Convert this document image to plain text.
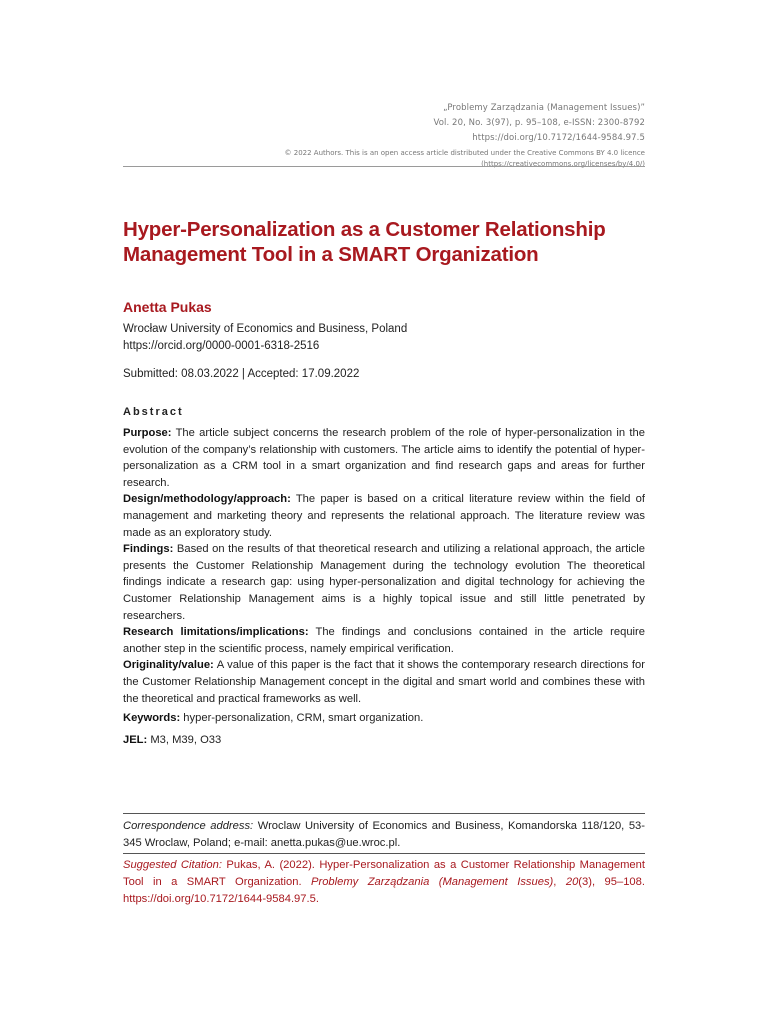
„Problemy Zarządzania (Management Issues)”
Vol. 20, No. 3(97), p. 95–108, e-ISSN: 2300-8792
https://doi.org/10.7172/1644-9584.97.5
© 2022 Authors. This is an open access article distributed under the Creative Commons BY 4.0 licence
(https://creativecommons.org/licenses/by/4.0/)
Hyper-Personalization as a Customer Relationship
Management Tool in a SMART Organization
Anetta Pukas
Wrocław University of Economics and Business, Poland
https://orcid.org/0000-0001-6318-2516
Submitted: 08.03.2022 | Accepted: 17.09.2022
Abstract

Purpose: The article subject concerns the research problem of the role of hyper-personalization in the evolution of the company’s relationship with customers. The article aims to identify the potential of hyper-personalization as a CRM tool in a smart organization and find research gaps and areas for further research.

Design/methodology/approach: The paper is based on a critical literature review within the field of management and marketing theory and represents the relational approach. The literature review was made as an exploratory study.

Findings: Based on the results of that theoretical research and utilizing a relational approach, the article presents the Customer Relationship Management during the technology evolution The theoretical findings indicate a research gap: using hyper-personalization and digital technology for achieving the Customer Relationship Management aims is a highly topical issue and still little penetrated by researchers.

Research limitations/implications: The findings and conclusions contained in the article require another step in the scientific process, namely empirical verification.

Originality/value: A value of this paper is the fact that it shows the contemporary research directions for the Customer Relationship Management concept in the digital and smart world and combines these with the theoretical and practical frameworks as well.

Keywords: hyper-personalization, CRM, smart organization.
JEL: M3, M39, O33
Correspondence address: Wroclaw University of Economics and Business, Komandorska 118/120, 53-345 Wroclaw, Poland; e-mail: anetta.pukas@ue.wroc.pl.
Suggested Citation: Pukas, A. (2022). Hyper-Personalization as a Customer Relationship Management Tool in a SMART Organization. Problemy Zarządzania (Management Issues), 20(3), 95–108. https://doi.org/10.7172/1644-9584.97.5.
